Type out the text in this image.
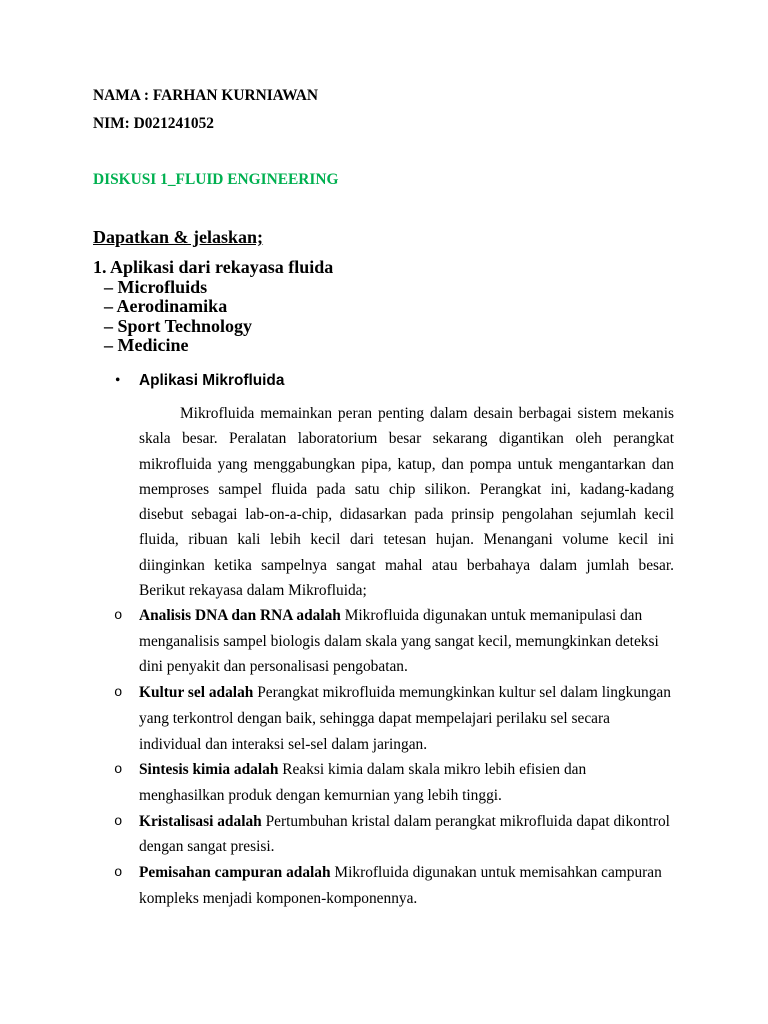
NAMA : FARHAN KURNIAWAN
NIM: D021241052
DISKUSI 1_FLUID ENGINEERING
Dapatkan & jelaskan;
1. Aplikasi dari rekayasa fluida
– Microfluids
– Aerodinamika
– Sport Technology
– Medicine
• Aplikasi Mikrofluida
Mikrofluida memainkan peran penting dalam desain berbagai sistem mekanis
skala besar. Peralatan laboratorium besar sekarang digantikan oleh perangkat
mikrofluida yang menggabungkan pipa, katup, dan pompa untuk mengantarkan dan
memproses sampel fluida pada satu chip silikon. Perangkat ini, kadang-kadang
disebut sebagai lab-on-a-chip, didasarkan pada prinsip pengolahan sejumlah kecil
fluida, ribuan kali lebih kecil dari tetesan hujan. Menangani volume kecil ini
diinginkan ketika sampelnya sangat mahal atau berbahaya dalam jumlah besar.
Berikut rekayasa dalam Mikrofluida;
o Analisis DNA dan RNA adalah Mikrofluida digunakan untuk memanipulasi dan
menganalisis sampel biologis dalam skala yang sangat kecil, memungkinkan deteksi
dini penyakit dan personalisasi pengobatan.
o Kultur sel adalah Perangkat mikrofluida memungkinkan kultur sel dalam lingkungan
yang terkontrol dengan baik, sehingga dapat mempelajari perilaku sel secara
individual dan interaksi sel-sel dalam jaringan.
o Sintesis kimia adalah Reaksi kimia dalam skala mikro lebih efisien dan
menghasilkan produk dengan kemurnian yang lebih tinggi.
o Kristalisasi adalah Pertumbuhan kristal dalam perangkat mikrofluida dapat dikontrol
dengan sangat presisi.
o Pemisahan campuran adalah Mikrofluida digunakan untuk memisahkan campuran
kompleks menjadi komponen-komponennya.
